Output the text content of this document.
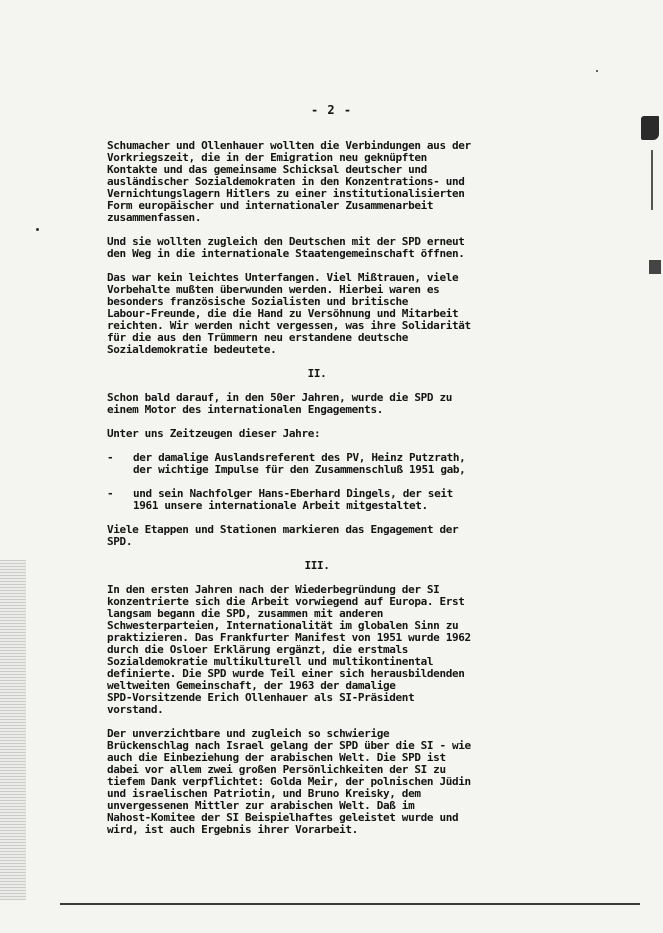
- 2 -
Schumacher und Ollenhauer wollten die Verbindungen aus der
Vorkriegszeit, die in der Emigration neu geknüpften
Kontakte und das gemeinsame Schicksal deutscher und
ausländischer Sozialdemokraten in den Konzentrations- und
Vernichtungslagern Hitlers zu einer institutionalisierten
Form europäischer und internationaler Zusammenarbeit
zusammenfassen.
Und sie wollten zugleich den Deutschen mit der SPD erneut
den Weg in die internationale Staatengemeinschaft öffnen.
Das war kein leichtes Unterfangen. Viel Mißtrauen, viele
Vorbehalte mußten überwunden werden. Hierbei waren es
besonders französische Sozialisten und britische
Labour-Freunde, die die Hand zu Versöhnung und Mitarbeit
reichten. Wir werden nicht vergessen, was ihre Solidarität
für die aus den Trümmern neu erstandene deutsche
Sozialdemokratie bedeutete.
II.
Schon bald darauf, in den 50er Jahren, wurde die SPD zu
einem Motor des internationalen Engagements.
Unter uns Zeitzeugen dieser Jahre:
- der damalige Auslandsreferent des PV, Heinz Putzrath,
der wichtige Impulse für den Zusammenschluß 1951 gab,
- und sein Nachfolger Hans-Eberhard Dingels, der seit
1961 unsere internationale Arbeit mitgestaltet.
Viele Etappen und Stationen markieren das Engagement der
SPD.
III.
In den ersten Jahren nach der Wiederbegründung der SI
konzentrierte sich die Arbeit vorwiegend auf Europa. Erst
langsam begann die SPD, zusammen mit anderen
Schwesterparteien, Internationalität im globalen Sinn zu
praktizieren. Das Frankfurter Manifest von 1951 wurde 1962
durch die Osloer Erklärung ergänzt, die erstmals
Sozialdemokratie multikulturell und multikontinental
definierte. Die SPD wurde Teil einer sich herausbildenden
weltweiten Gemeinschaft, der 1963 der damalige
SPD-Vorsitzende Erich Ollenhauer als SI-Präsident
vorstand.
Der unverzichtbare und zugleich so schwierige
Brückenschlag nach Israel gelang der SPD über die SI - wie
auch die Einbeziehung der arabischen Welt. Die SPD ist
dabei vor allem zwei großen Persönlichkeiten der SI zu
tiefem Dank verpflichtet: Golda Meir, der polnischen Jüdin
und israelischen Patriotin, und Bruno Kreisky, dem
unvergessenen Mittler zur arabischen Welt. Daß im
Nahost-Komitee der SI Beispielhaftes geleistet wurde und
wird, ist auch Ergebnis ihrer Vorarbeit.
